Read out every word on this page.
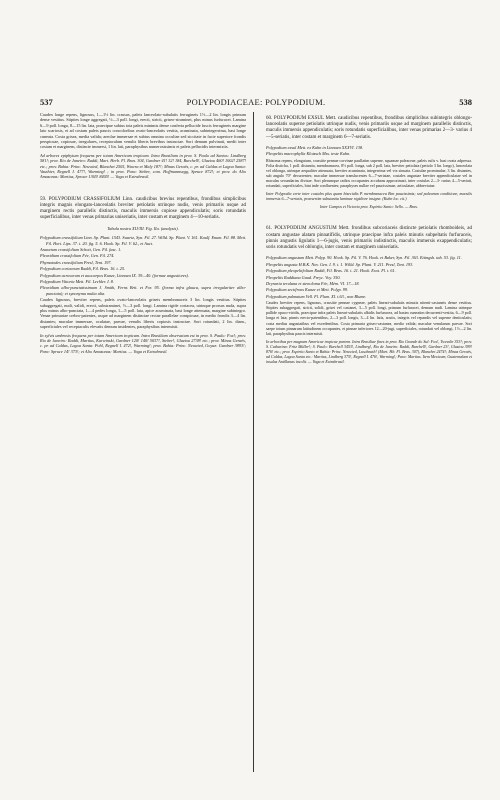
537	POLYPODIACEAE: POLYPODIUM.	538

Caudex longe repens, lignosus, 1—1½ lin. crassus, paleis lanceolato-subulatis ferrugineis 1½—2 lin. longis primum dense vestitus. Stipites longe aggregati, ½—3 poll. longi, erecti, stricti, griseo-straminei, plus minus furfuracei. Lamina 6—9 poll. longa, 8—15 lin. lata, praecipue subtus tota paleis minimis dense conferta pellucide fuscis ferrugineis margine lato scariosis, et ad costam paleis paucis concoloribus ovato-lanceolatis vestita, acuminata, subintegerrima, basi longe cuneata. Costa grisea, media valida; areolae immersae et subtus omnino occultae sed siccitate in facie superiore frondis perspicuae, copiosae, irregulares, receptaculum venulis liberis brevibus instructae. Sori demum pulvinati, medii inter costam et marginem, distincte immersi, 1 lin. lati, paraphysibus numerosissimis et paleis pellucidis intermixtis.

Ad arbores epiphytum frequens per totam Americam tropicam. Intra Brasiliam in prov. S. Paulo ad Santos: Lindberg 581!; prov. Rio de Janeiro: Raddi, Mart. Herb. Fl. Bras. 304, Gardner 41! 32! 184, Burchell!, Glaziou 460! 1002! 2587! etc.; prov. Bahia: Princ. Neuwied, Blanchet 2505, Wawra et Maly 187!; Minas Geraës, c. pr. ad Caldas et Lagoa Santa: Vauthier, Regnell I. 477!, Warming! ; in prov. Para: Sieber, com. Hoffmannsegg, Spruce 872!; et prov. do Alto Amazonas: Martius, Spruce 1365! 8405! — Vaga et Extrabrasil.

59. POLYPODIUM CRASSIFOLIUM Linn. caudicibus brevius repentibus, frondibus simplicibus integris magnis elongato-lanceolatis breviter petiolatis utrinque nudis, venis primariis usque ad marginem rectis parallelis distinctis, maculis immersis copiose appendiculatis; soris rotundatis superficialibus, inter venas primarias uniseriatis, inter costam et marginem 4—10-seriatis.

Tabula nostra XLVIII. Fig. IIa. (analysis).

Polypodium crassifolium Linn. Sp. Plant. 1543. Swartz, Syn. Fil. 27. Willd. Sp. Plant. V. 161. Kaulf. Enum. Fil. 88. Mett. Fil. Hort. Lips. 37. t. 20. fig. 5. 6. Hook. Sp. Fil. V. 62., et Auct.

Anaxetum crassifolium Schott, Gen. Fil. fasc. 1.

Pleuridium crassifolium Fée, Gen. Fil. 274.

Phymatodes crassifolium Presl, Tent. 197.

Polypodium coriaceum Raddi, Fil. Bras. 16. t. 25.

Polypodium acrosorum et auocarpos Kunze, Linnaea IX. 39—40. (formae angustiores).

Polypodium Vittoria Mett. Fil. Lechler. I. 8.

Pleuridium albo-punctatissimum J. Smith, Ferns Brit. et For. 95. (forma infra glauca, supra irregulariter albo-punctata); et synonyma multa alia.

Caudex lignosus, breviter repens, paleis ovato-lanceolatis griseis membranaceis 3 lin. longis vestitus. Stipites subaggregati, nudi, validi, erecti, substraminei, ½—3 poll. longi. Lamina rigide coriacea, utrinque prorsus nuda, supra plus minus albo-punctata, 1—4 pedes longa, 1—5 poll. lata, apice acuminata, basi longe attenuata, margine subintegro. Venae primariae crebro-patentes, usque ad marginem distinctae rectae parallelae conspicuae, in medio frondis 3—4 lin. distantes; maculae immersae, oculatae, parvae, venulis liberis copiosis instructae. Sori rotundati, 2 lin. diam., superficiales vel receptaculis elevatis demum insidentes, paraphysibus intermixti.

In sylvis umbrosis frequens per totam Americam tropicam. Intra Brasiliam observatum est in prov. S. Paulo: Fox!; prov. Rio de Janeiro: Raddi, Martius, Kurwinski, Gardner 120! 140! 5037!, Sieber!, Glaziou 2738! etc.; prov. Minas Geraës, c. pr. ad Caldas, Lagoa Santa: Pohl, Regnell I. 472!, Warming!; prov. Bahia: Princ. Neuwied, Goyaz: Gardner 3893!; Para: Spruce 14! 373!; et Alto Amazonas: Martius. — Vaga et Extrabrasil.

60. POLYPODIUM EXSUL Mett. caudicibus repentibus, frondibus simplicibus subintegris oblongo-lanceolatis superne petiolatis utrinque nudis, venis primariis usque ad marginem parallelis distinctis, maculis immersis appendiculatis; soris rotundatis superficialibus, inter venas primarias 2—3- varius 4—5-seriatis, inter costam et marginem 6—7-seriatis.

Polypodium exsul Mett. ex Kuhn in Linnaea XXXVI. 138.

Pleopeltis macrophylla Klotzsch Mss. teste Kuhn.

Rhizoma repens, elongatum, crassitie pennae corvinae paullatim superne, squamae paleaceae, paleis rufis v. basi ovata adpressa. Folia disticha, 1 poll. distantia, membranacea, 8½ poll. longa, sub 2 poll. lata, breviter petiolata (petiolo 3 lin. longo), lanceolata vel oblonga, utrinque aequaliter attenuata, breviter acuminata, integerrima vel vix sinuata. Costulae prominulae, 3 lin. distantes, sub angulo 70° decurrentes; maculae immersae translucentes 6—7-seriatae, costales angustae breviter appendiculatae vel in maculas secundarias divisae. Sori plerumque radios occupantes accubans approximati, inter costulas 2—3- rarius 4—5-seriati, rotundati, superficiales, bini inde confluentes; paraphyses nullae vel paucissimae, articulatae, abbreviatae.

Inter Polypodia certe inter costales plus quam bisecialis P. membranacea Ben paucissimis; sed palearum conditione, maculis immersis 6—7-seriatis, praesertim substantia laminae rigidiore insigne. (Kuhn loc. cit.)

Inter Campos et Victoria prov. Espirito Santo: Sello. — Bras.

61. POLYPODIUM ANGUSTUM Mett. frondibus subcoriaceis distincte petiolatis rhomboideis, ad costam angustae alatam pinnatifidis, utrinque praecipue infra paleis minutis subpeltatis furfuraceis, pinnis angustis ligulatis 1—6-jugis, venis primariis indistinctis, maculis immersis exappendiculatis; soris rotundatis vel oblongis, inter costam et marginem uniseriatis.

Polypodium angustum Mett. Polyp. 90. Hook. Sp. Fil. V. 76. Hook. et Baker, Syn. Fil. 363. Ettingsh. tab. 53. fig. 11.

Pleopeltis angusta H.B.K. Nov. Gen. I. 9. t. 1. Willd. Sp. Plant. V. 211. Presl, Tent. 193.

Polypodium pleopeltifolium Raddi, Fil. Bras. 16. t. 21. Hook. Exot. Fl. t. 61.

Pleopeltis Raddiana Gaud. Freyc. Voy. 350.

Drynaria terulana et stenoloma Fée, Mém. VI. 17—18.

Polypodium sectifrons Kunze et Mett. Polyp. 99.

Polypodium palmatum Vell. Fl. Flum. XI. t.63., non Blume.

Caudex breviter repens, lignosus, crassitie pennae cygneae, paleis lineari-subulatis minutis nitenti-castaneis dense vestitus. Stipites subaggregati, stricti, solidi, grisei vel castanei, 3—5 poll. longi, primum furfuracei, demum nudi. Lamina utrinque pallide opaco-viridis, praecipue infra paleis lineari-subulatis albidis furfuracea, ad basim cuneatim decurrenti-vestita, 6—9 poll. longa et lata; pinnis erecto-patentibus, 2—3 poll. longis, 3—4 lin. latis, acutis, integris vel repandis vel superne denticulatis; costa medias angustatibus vel excedentibus. Costa primaria griseo-castanea, medio valida; maculae venularum parvae. Sori saepe totum pinnarum latitudinem occupantes, et pinnae inferiores 12—20-jugi, superficiales, rotundati vel oblongi, 1½—2 lin. lati, paraphysibus paucis intermixti.

In arboribus per magnam Americae tropicae partem. Intra Brasiliae fines in prov. Rio Grande do Sul: Fox!, Tweedie 353!; prov. S. Catharina: Fritz Müller!; S. Paulo: Burchell 3453!, Lindberg!, Rio de Janeiro: Raddi, Burchell!, Gardner 23!, Glaziou 399! 876! etc.; prov. Espirito Santo et Bahia: Princ. Neuwied, Luschnath! (Mart. Hb. Fl. Bras. 307), Blanchet 2474!; Minas Geraës, ad Caldas, Lagoa Santa etc.: Martius, Lindberg 375!, Regnell I. 476!, Warming!; Para: Martius. Item Mexicum, Guatemalam et insulas Antillanas incolit. — Vaga et Extrabrasil.
